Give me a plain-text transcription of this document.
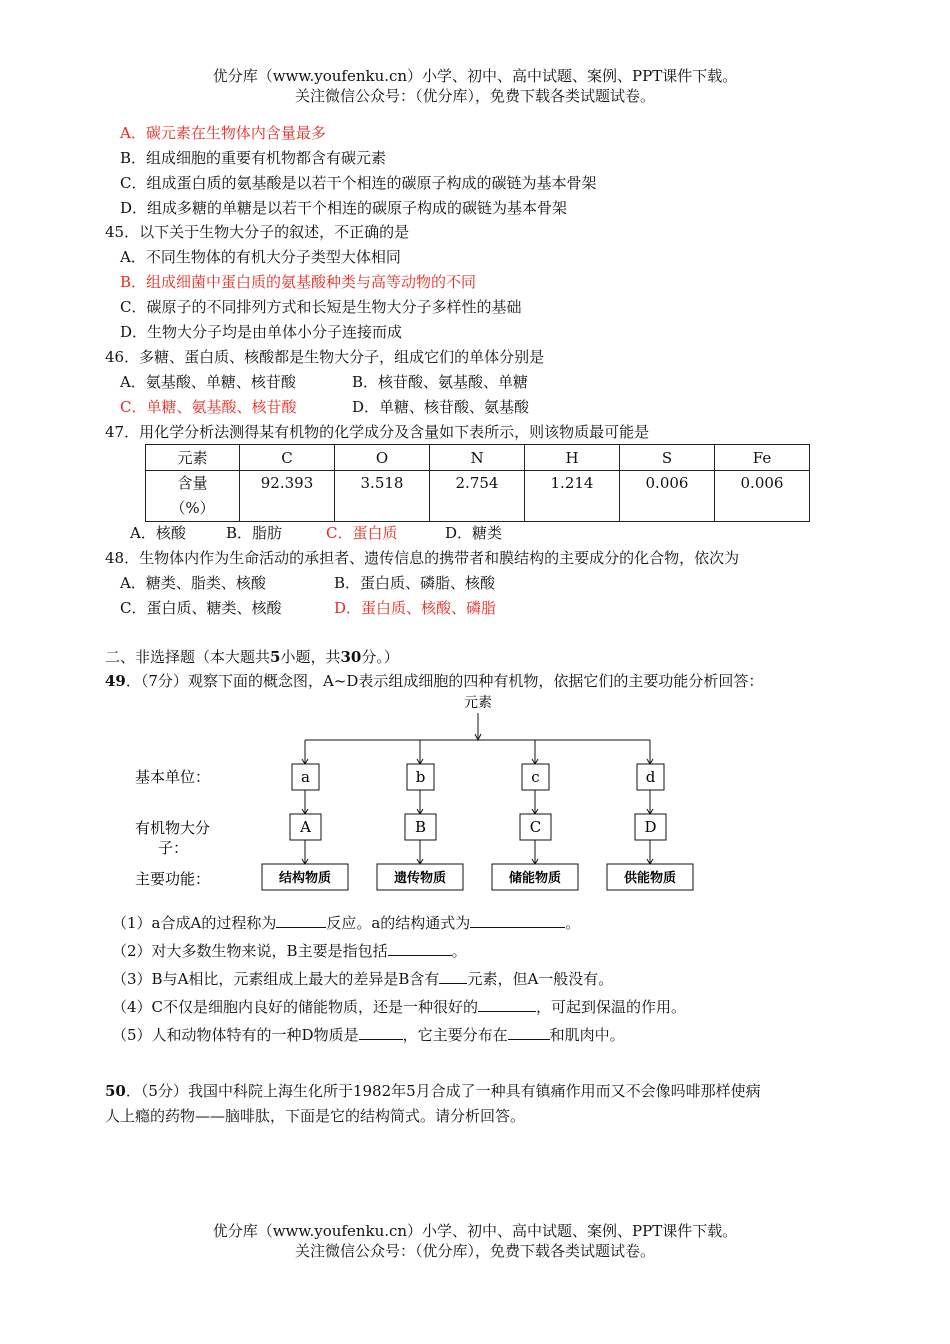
优分库（www.youfenku.cn）小学、初中、高中试题、案例、PPT课件下载。
关注微信公众号：（优分库），免费下载各类试题试卷。
A．碳元素在生物体内含量最多
B．组成细胞的重要有机物都含有碳元素
C．组成蛋白质的氨基酸是以若干个相连的碳原子构成的碳链为基本骨架
D．组成多糖的单糖是以若干个相连的碳原子构成的碳链为基本骨架
45．以下关于生物大分子的叙述，不正确的是
A．不同生物体的有机大分子类型大体相同
B．组成细菌中蛋白质的氨基酸种类与高等动物的不同
C．碳原子的不同排列方式和长短是生物大分子多样性的基础
D．生物大分子均是由单体小分子连接而成
46．多糖、蛋白质、核酸都是生物大分子，组成它们的单体分别是
A．氨基酸、单糖、核苷酸	B．核苷酸、氨基酸、单糖
C．单糖、氨基酸、核苷酸	D．单糖、核苷酸、氨基酸
47．用化学分析法测得某有机物的化学成分及含量如下表所示，则该物质最可能是
元素	C	O	N	H	S	Fe
含量
（%）	92.393	3.518	2.754	1.214	0.006	0.006
A．核酸	B．脂肪	C．蛋白质	D．糖类
48．生物体内作为生命活动的承担者、遗传信息的携带者和膜结构的主要成分的化合物，依次为
A．糖类、脂类、核酸	B．蛋白质、磷脂、核酸
C．蛋白质、糖类、核酸	D．蛋白质、核酸、磷脂
二、非选择题（本大题共5小题，共30分。）
49．（7分）观察下面的概念图，A~D表示组成细胞的四种有机物，依据它们的主要功能分析回答：
元素
基本单位：
有机物大分
子：
主要功能：
a
A
结构物质
b
B
遗传物质
c
C
储能物质
d
D
供能物质
（1）a合成A的过程称为	反应。a的结构通式为	。
（2）对大多数生物来说，B主要是指包括	。
（3）B与A相比，元素组成上最大的差异是B含有 元素，但A一般没有。
（4）C不仅是细胞内良好的储能物质，还是一种很好的	，可起到保温的作用。
（5）人和动物体特有的一种D物质是	，它主要分布在	和肌肉中。
50．（5分）我国中科院上海生化所于1982年5月合成了一种具有镇痛作用而又不会像吗啡那样使病
人上瘾的药物——脑啡肽，下面是它的结构简式。请分析回答。
优分库（www.youfenku.cn）小学、初中、高中试题、案例、PPT课件下载。
关注微信公众号：（优分库），免费下载各类试题试卷。
